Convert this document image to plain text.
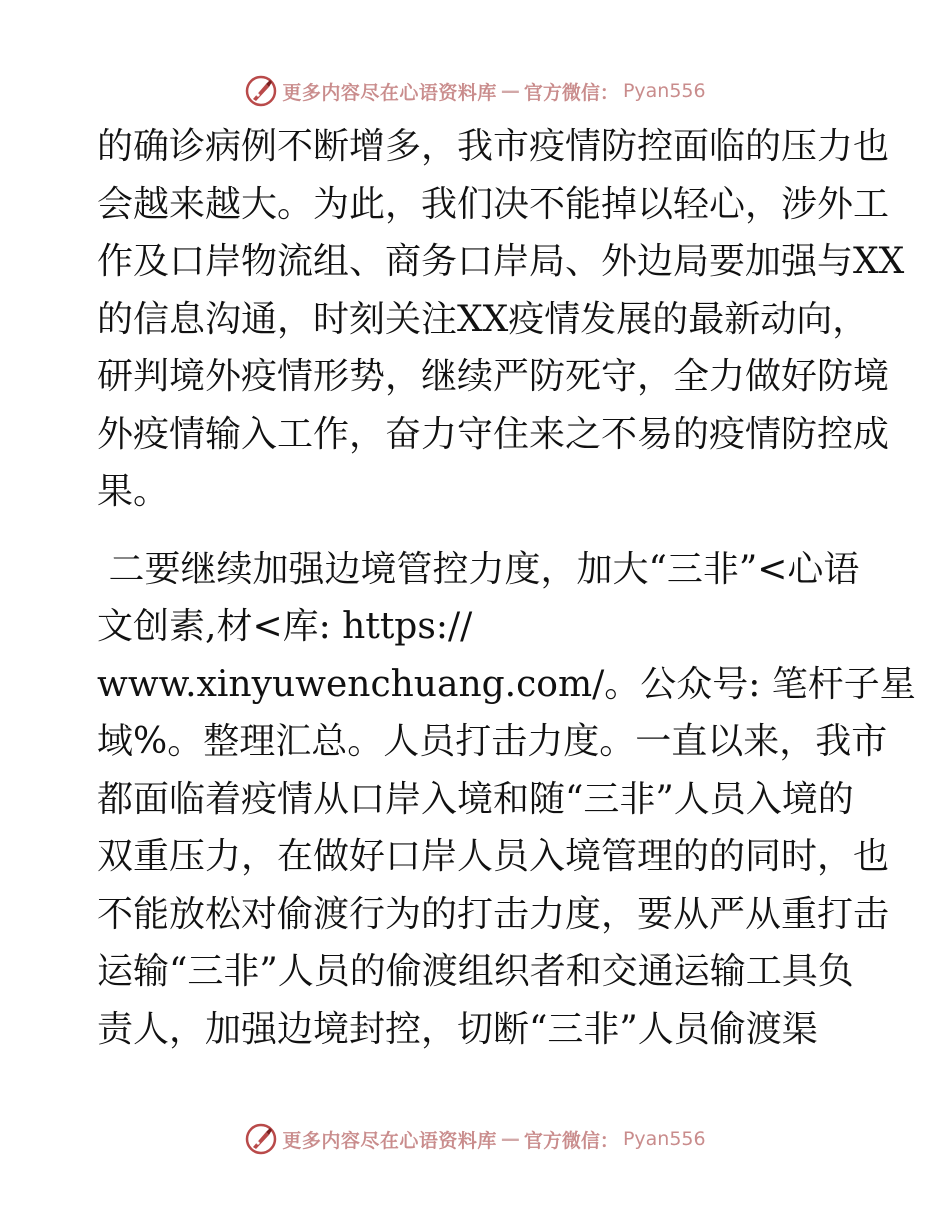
更多内容尽在心语资料库 — 官方微信： Pyan556
的确诊病例不断增多，我市疫情防控面临的压力也
会越来越大。为此，我们决不能掉以轻心，涉外工
作及口岸物流组、商务口岸局、外边局要加强与XX
的信息沟通，时刻关注XX疫情发展的最新动向，
研判境外疫情形势，继续严防死守，全力做好防境
外疫情输入工作，奋力守住来之不易的疫情防控成
果。
二要继续加强边境管控力度，加大“三非”<心语
文创素,材<库: https://
www.xinyuwenchuang.com/。公众号: 笔杆子星
域%。整理汇总。人员打击力度。一直以来，我市
都面临着疫情从口岸入境和随“三非”人员入境的
双重压力，在做好口岸人员入境管理的的同时，也
不能放松对偷渡行为的打击力度，要从严从重打击
运输“三非”人员的偷渡组织者和交通运输工具负
责人，加强边境封控，切断“三非”人员偷渡渠
更多内容尽在心语资料库 — 官方微信： Pyan556
